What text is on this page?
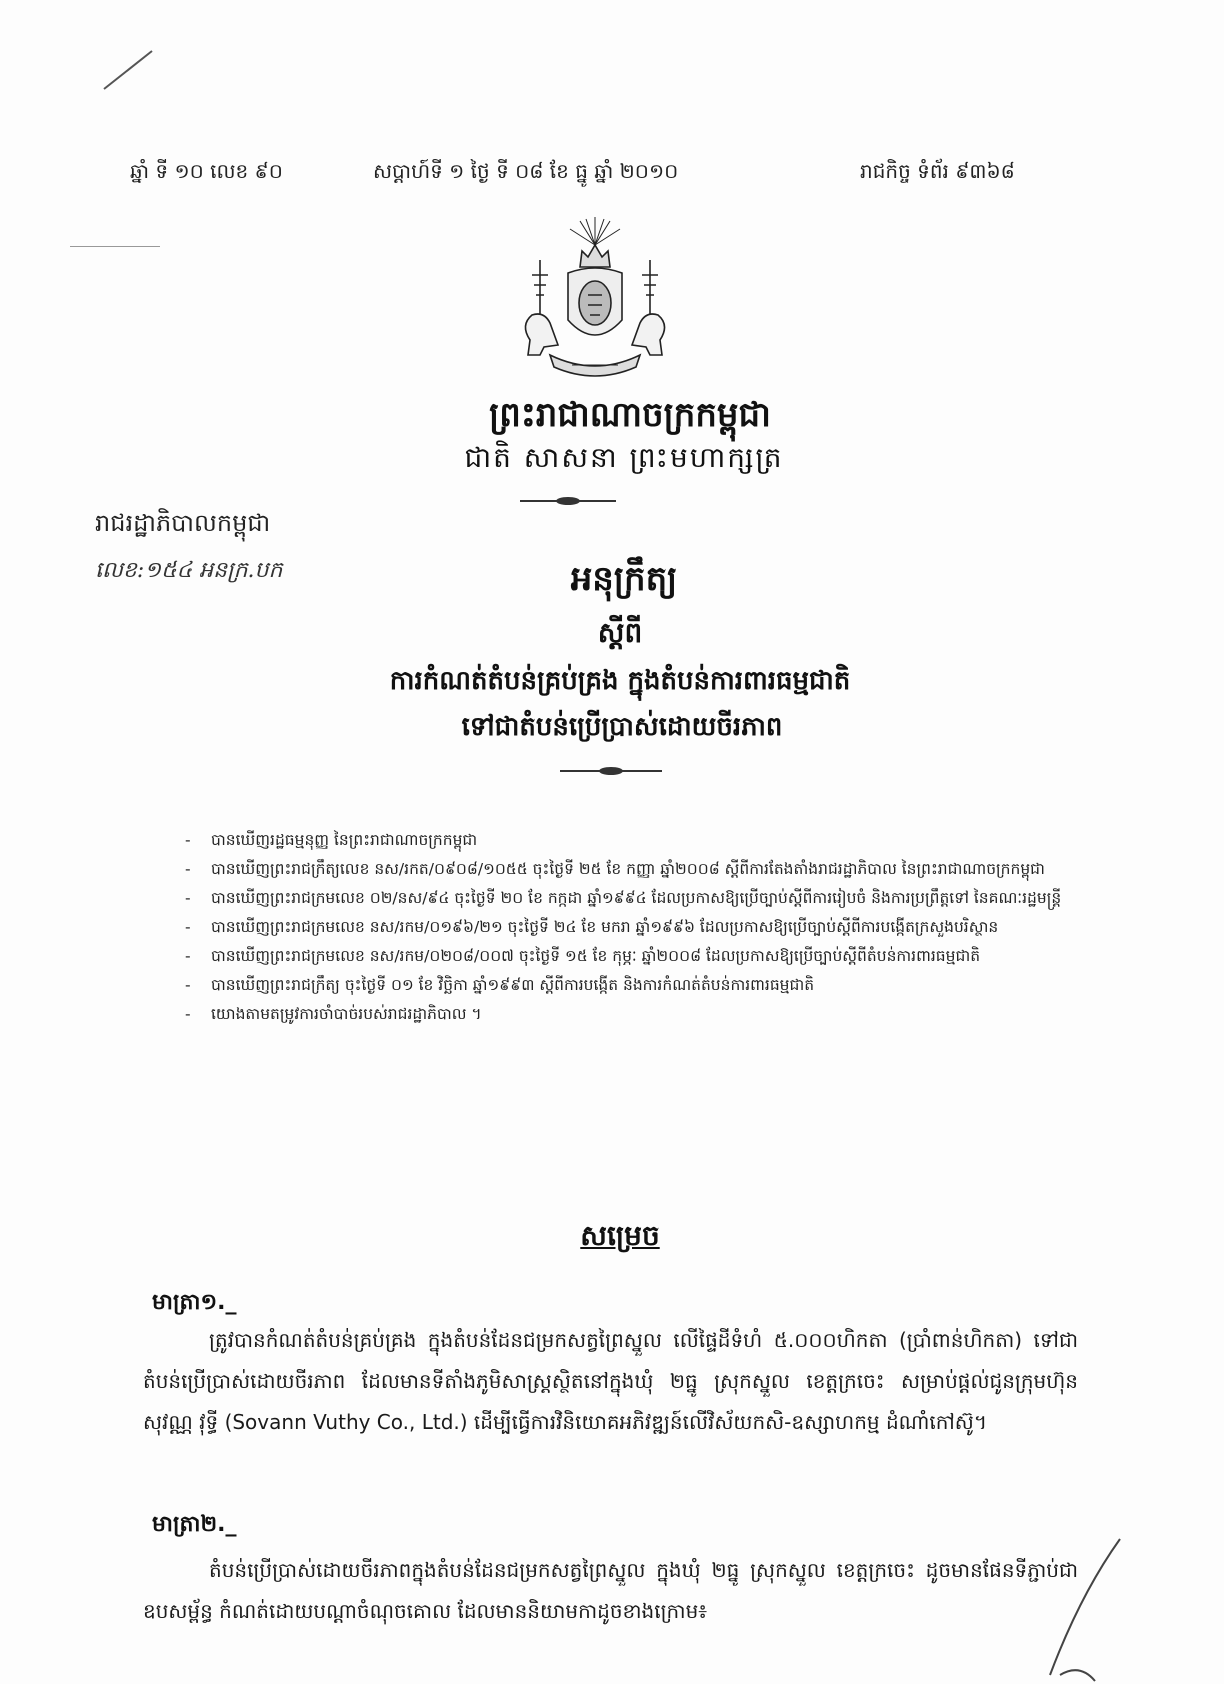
ឆ្នាំ ទី ១០ លេខ ៩០	សប្តាហ៍ទី ១ ថ្ងៃ ទី ០៨ ខែ ធ្នូ ឆ្នាំ ២០១០	រាជកិច្ច ទំព័រ ៩៣៦៨
ព្រះរាជាណាចក្រកម្ពុជា
ជាតិ សាសនា ព្រះមហាក្សត្រ
រាជរដ្ឋាភិបាលកម្ពុជា
លេខ:១៥៤ អនក្រ.បក	អនុក្រឹត្យ
ស្តីពី
ការកំណត់តំបន់គ្រប់គ្រង ក្នុងតំបន់ការពារធម្មជាតិ
ទៅជាតំបន់ប្រើប្រាស់ដោយចីរភាព
- បានឃើញរដ្ឋធម្មនុញ្ញ នៃព្រះរាជាណាចក្រកម្ពុជា
- បានឃើញព្រះរាជក្រឹត្យលេខ នស/រកត/០៩០៨/១០៥៥ ចុះថ្ងៃទី ២៥ ខែ កញ្ញា ឆ្នាំ២០០៨ ស្តីពីការតែងតាំងរាជរដ្ឋាភិបាល នៃព្រះរាជាណាចក្រកម្ពុជា
- បានឃើញព្រះរាជក្រមលេខ ០២/នស/៩៤ ចុះថ្ងៃទី ២០ ខែ កក្កដា ឆ្នាំ១៩៩៤ ដែលប្រកាសឱ្យប្រើច្បាប់ស្តីពីការរៀបចំ និងការប្រព្រឹត្តទៅ នៃគណៈរដ្ឋមន្ត្រី
- បានឃើញព្រះរាជក្រមលេខ នស/រកម/០១៩៦/២១ ចុះថ្ងៃទី ២៤ ខែ មករា ឆ្នាំ១៩៩៦ ដែលប្រកាសឱ្យប្រើច្បាប់ស្តីពីការបង្កើតក្រសួងបរិស្ថាន
- បានឃើញព្រះរាជក្រមលេខ នស/រកម/០២០៨/០០៧ ចុះថ្ងៃទី ១៥ ខែ កុម្ភៈ ឆ្នាំ២០០៨ ដែលប្រកាសឱ្យប្រើច្បាប់ស្តីពីតំបន់ការពារធម្មជាតិ
- បានឃើញព្រះរាជក្រឹត្យ ចុះថ្ងៃទី ០១ ខែ វិច្ឆិកា ឆ្នាំ១៩៩៣ ស្តីពីការបង្កើត និងការកំណត់តំបន់ការពារធម្មជាតិ
- យោងតាមតម្រូវការចាំបាច់របស់រាជរដ្ឋាភិបាល ។
សម្រេច
មាត្រា១._
ត្រូវបានកំណត់តំបន់គ្រប់គ្រង ក្នុងតំបន់ដែនជម្រកសត្វព្រៃស្នួល លើផ្ទៃដីទំហំ ៥.០០០ហិកតា (ប្រាំពាន់ហិកតា) ទៅជាតំបន់ប្រើប្រាស់ដោយចីរភាព ដែលមានទីតាំងភូមិសាស្ត្រស្ថិតនៅក្នុងឃុំ ២ធ្នូ ស្រុកស្នួល ខេត្តក្រចេះ សម្រាប់ផ្តល់ជូនក្រុមហ៊ុន សុវណ្ណ វុទ្ធី (Sovann Vuthy Co., Ltd.) ដើម្បីធ្វើការវិនិយោគអភិវឌ្ឍន៍លើវិស័យកសិ-ឧស្សាហកម្ម ដំណាំកៅស៊ូ។
មាត្រា២._
តំបន់ប្រើប្រាស់ដោយចីរភាពក្នុងតំបន់ដែនជម្រកសត្វព្រៃស្នួល ក្នុងឃុំ ២ធ្នូ ស្រុកស្នួល ខេត្តក្រចេះ ដូចមានផែនទីភ្ជាប់ជាឧបសម្ព័ន្ធ កំណត់ដោយបណ្តាចំណុចគោល ដែលមាននិយាមកាដូចខាងក្រោម៖
